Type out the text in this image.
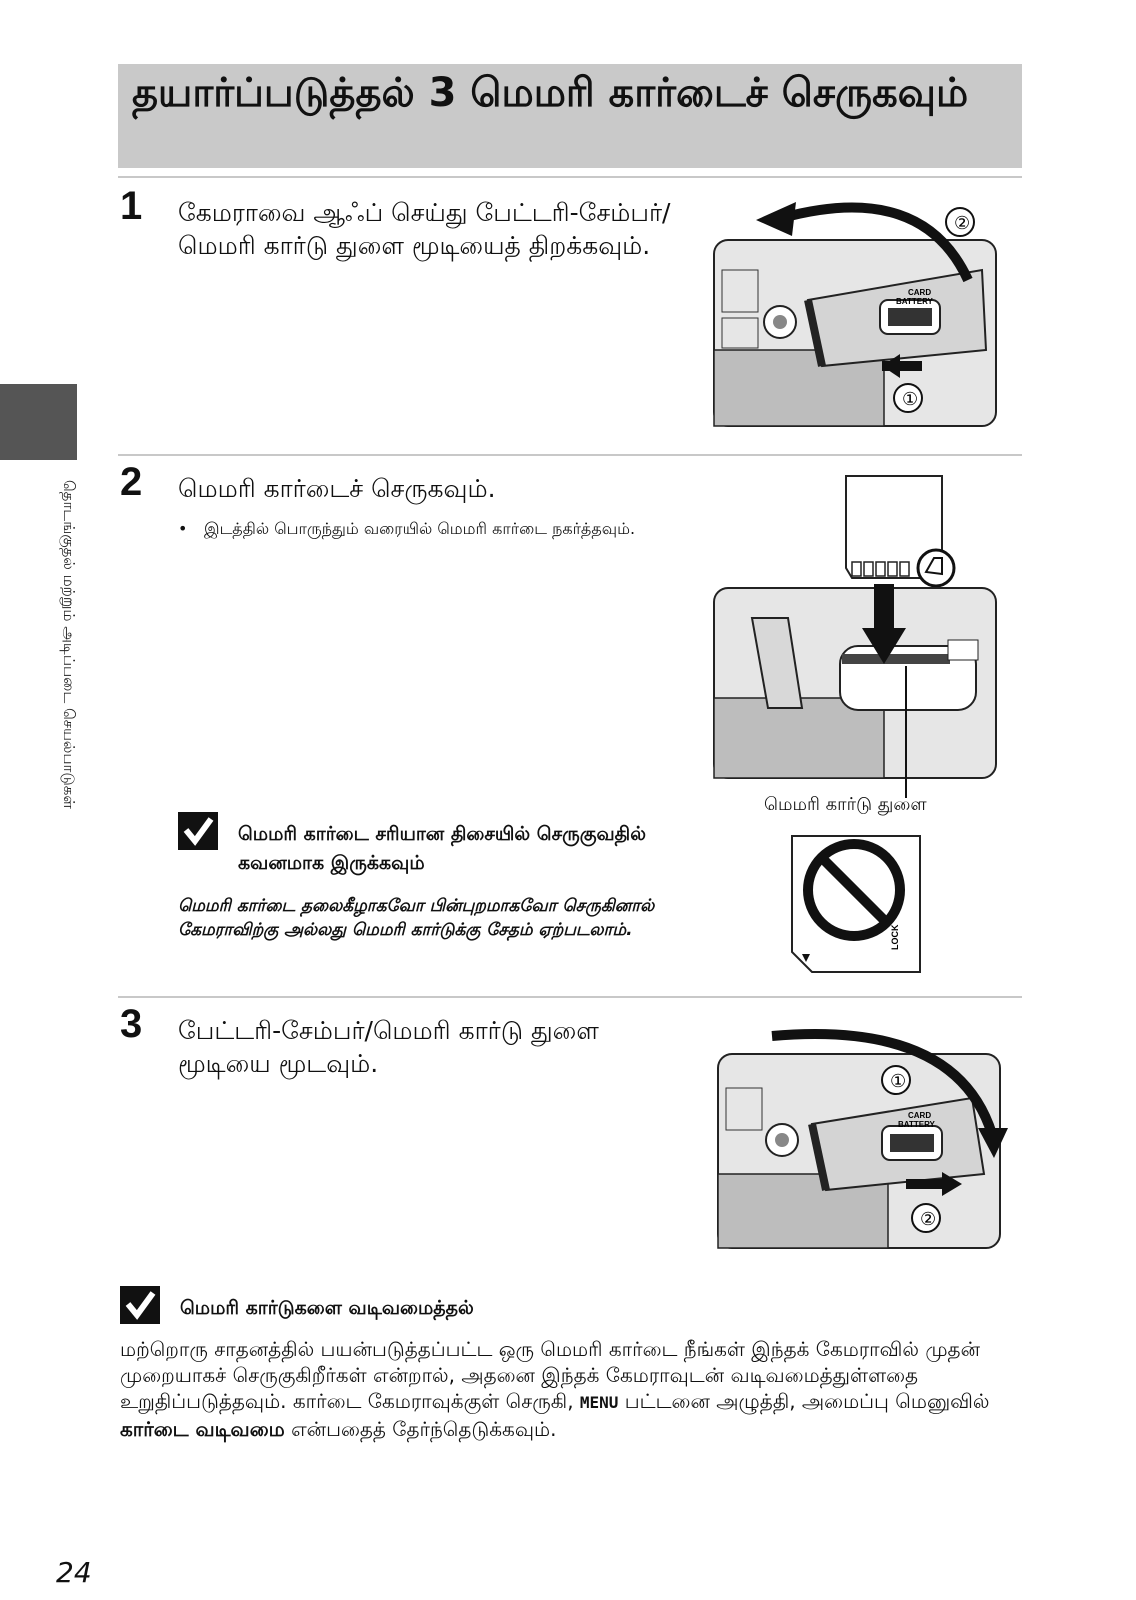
தயார்ப்படுத்தல் 3 மெமரி கார்டைச் செருகவும்
தொடங்குதல் மற்றும் அடிப்படை செயல்பாடுகள்
1 கேமராவை ஆஃப் செய்து பேட்டரி-சேம்பர்/மெமரி கார்டு துளை மூடியைத் திறக்கவும்.
CARD
BATTERY
②
①
2 மெமரி கார்டைச் செருகவும்.
• இடத்தில் பொருந்தும் வரையில் மெமரி கார்டை நகர்த்தவும்.
மெமரி கார்டு துளை
மெமரி கார்டை சரியான திசையில் செருகுவதில் கவனமாக இருக்கவும்
மெமரி கார்டை தலைகீழாகவோ பின்புறமாகவோ செருகினால் கேமராவிற்கு அல்லது மெமரி கார்டுக்கு சேதம் ஏற்படலாம்.	LOCK
3 பேட்டரி-சேம்பர்/மெமரி கார்டு துளை மூடியை மூடவும்.
CARD
BATTERY
①
②
மெமரி கார்டுகளை வடிவமைத்தல்
மற்றொரு சாதனத்தில் பயன்படுத்தப்பட்ட ஒரு மெமரி கார்டை நீங்கள் இந்தக் கேமராவில் முதன் முறையாகச் செருகுகிறீர்கள் என்றால், அதனை இந்தக் கேமராவுடன் வடிவமைத்துள்ளதை உறுதிப்படுத்தவும். கார்டை கேமராவுக்குள் செருகி, MENU பட்டனை அழுத்தி, அமைப்பு மெனுவில் கார்டை வடிவமை என்பதைத் தேர்ந்தெடுக்கவும்.
24
